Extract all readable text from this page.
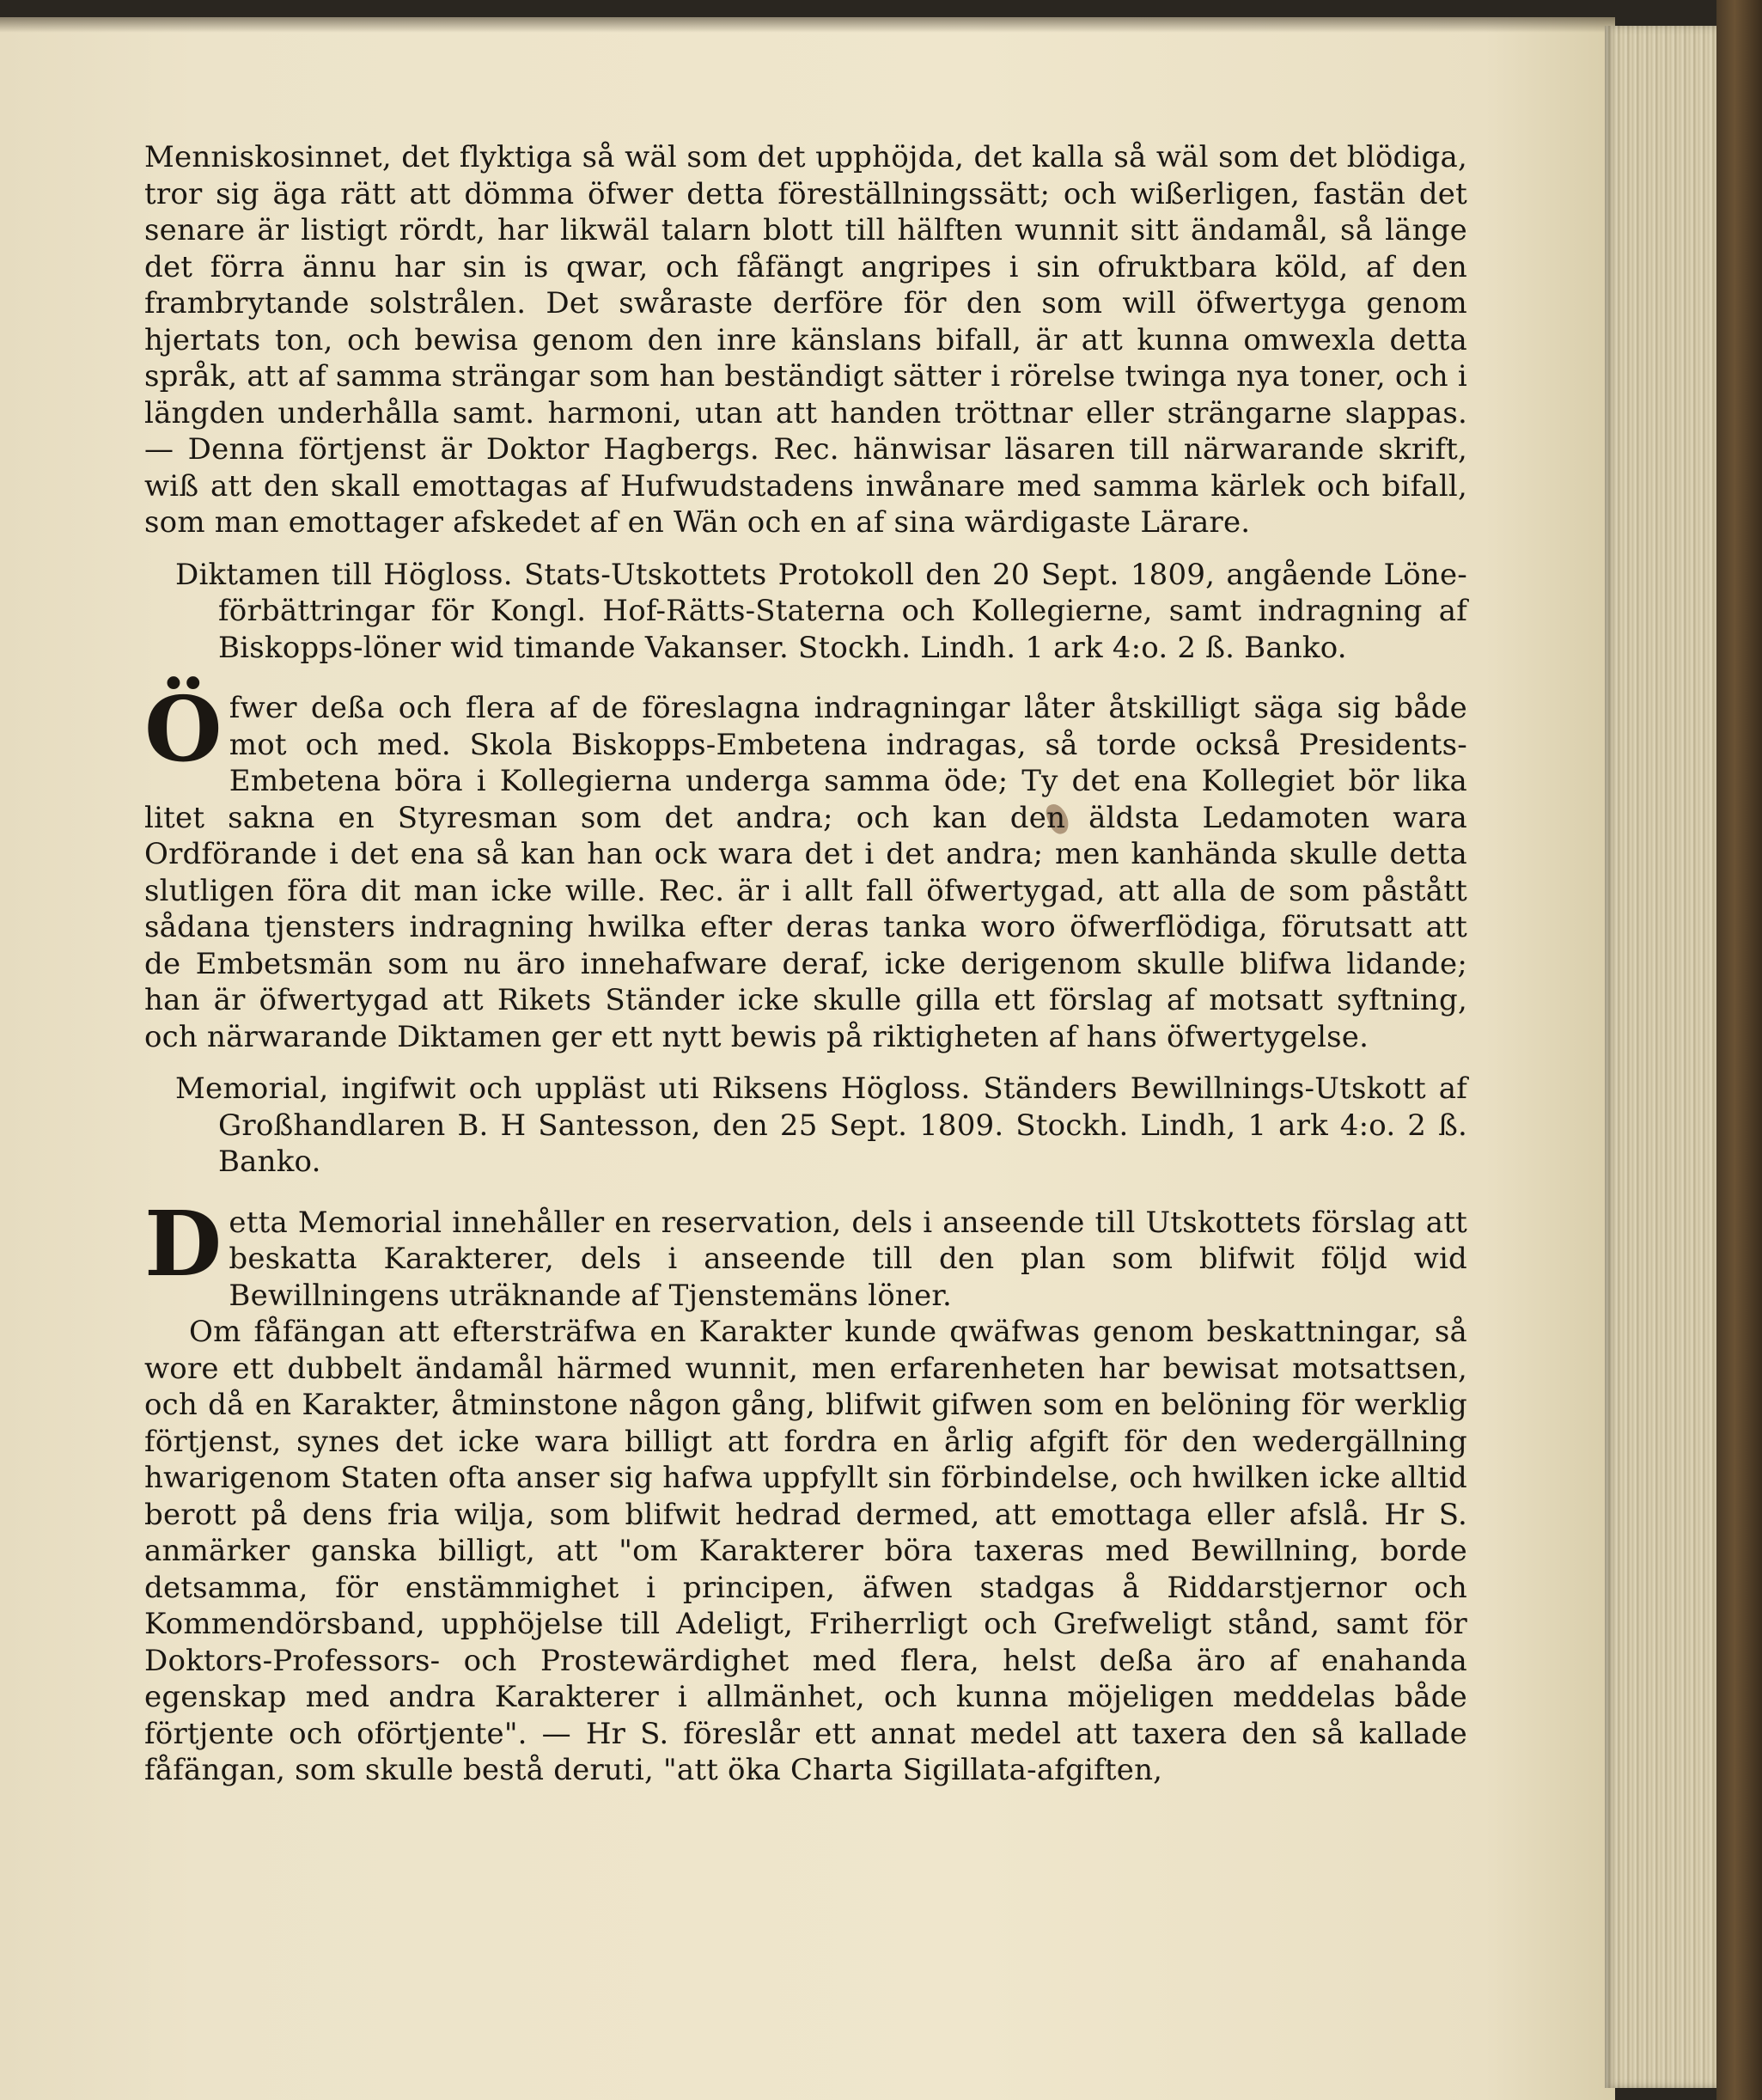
Menniskosinnet, det flyktiga så wäl som det upphöjda, det kalla så wäl som det blödiga, tror sig äga rätt att dömma öfwer detta föreställningssätt; och wißerligen, fastän det senare är listigt rördt, har likwäl talarn blott till hälften wunnit sitt ändamål, så länge det förra ännu har sin is qwar, och fåfängt angripes i sin ofruktbara köld, af den frambrytande solstrålen. Det swåraste derföre för den som will öfwertyga genom hjertats ton, och bewisa genom den inre känslans bifall, är att kunna omwexla detta språk, att af samma strängar som han beständigt sätter i rörelse twinga nya toner, och i längden underhålla samt. harmoni, utan att handen tröttnar eller strängarne slappas. — Denna förtjenst är Doktor Hagbergs. Rec. hänwisar läsaren till närwarande skrift, wiß att den skall emottagas af Hufwudstadens inwånare med samma kärlek och bifall, som man emottager afskedet af en Wän och en af sina wärdigaste Lärare.

Diktamen till Högloss. Stats-Utskottets Protokoll den 20 Sept. 1809, angående Löne-förbättringar för Kongl. Hof-Rätts-Staterna och Kollegierne, samt indragning af Biskopps-löner wid timande Vakanser. Stockh. Lindh. 1 ark 4:o. 2 ß. Banko.

Öfwer deßa och flera af de föreslagna indragningar låter åtskilligt säga sig både mot och med. Skola Biskopps-Embetena indragas, så torde också Presidents-Embetena böra i Kollegierna underga samma öde; Ty det ena Kollegiet bör lika litet sakna en Styresman som det andra; och kan den äldsta Ledamoten wara Ordförande i det ena så kan han ock wara det i det andra; men kanhända skulle detta slutligen föra dit man icke wille. Rec. är i allt fall öfwertygad, att alla de som påstått sådana tjensters indragning hwilka efter deras tanka woro öfwerflödiga, förutsatt att de Embetsmän som nu äro innehafware deraf, icke derigenom skulle blifwa lidande; han är öfwertygad att Rikets Ständer icke skulle gilla ett förslag af motsatt syftning, och närwarande Diktamen ger ett nytt bewis på riktigheten af hans öfwertygelse.

Memorial, ingifwit och uppläst uti Riksens Högloss. Ständers Bewillnings-Utskott af Großhandlaren B. H Santesson, den 25 Sept. 1809. Stockh. Lindh, 1 ark 4:o. 2 ß. Banko.

Detta Memorial innehåller en reservation, dels i anseende till Utskottets förslag att beskatta Karakterer, dels i anseende till den plan som blifwit följd wid Bewillningens uträknande af Tjenstemäns löner.

Om fåfängan att eftersträfwa en Karakter kunde qwäfwas genom beskattningar, så wore ett dubbelt ändamål härmed wunnit, men erfarenheten har bewisat motsattsen, och då en Karakter, åtminstone någon gång, blifwit gifwen som en belöning för werklig förtjenst, synes det icke wara billigt att fordra en årlig afgift för den wedergällning hwarigenom Staten ofta anser sig hafwa uppfyllt sin förbindelse, och hwilken icke alltid berott på dens fria wilja, som blifwit hedrad dermed, att emottaga eller afslå. Hr S. anmärker ganska billigt, att "om Karakterer böra taxeras med Bewillning, borde detsamma, för enstämmighet i principen, äfwen stadgas å Riddarstjernor och Kommendörsband, upphöjelse till Adeligt, Friherrligt och Grefweligt stånd, samt för Doktors-Professors- och Prostewärdighet med flera, helst deßa äro af enahanda egenskap med andra Karakterer i allmänhet, och kunna möjeligen meddelas både förtjente och oförtjente". — Hr S. föreslår ett annat medel att taxera den så kallade fåfängan, som skulle bestå deruti, "att öka Charta Sigillata-afgiften,
